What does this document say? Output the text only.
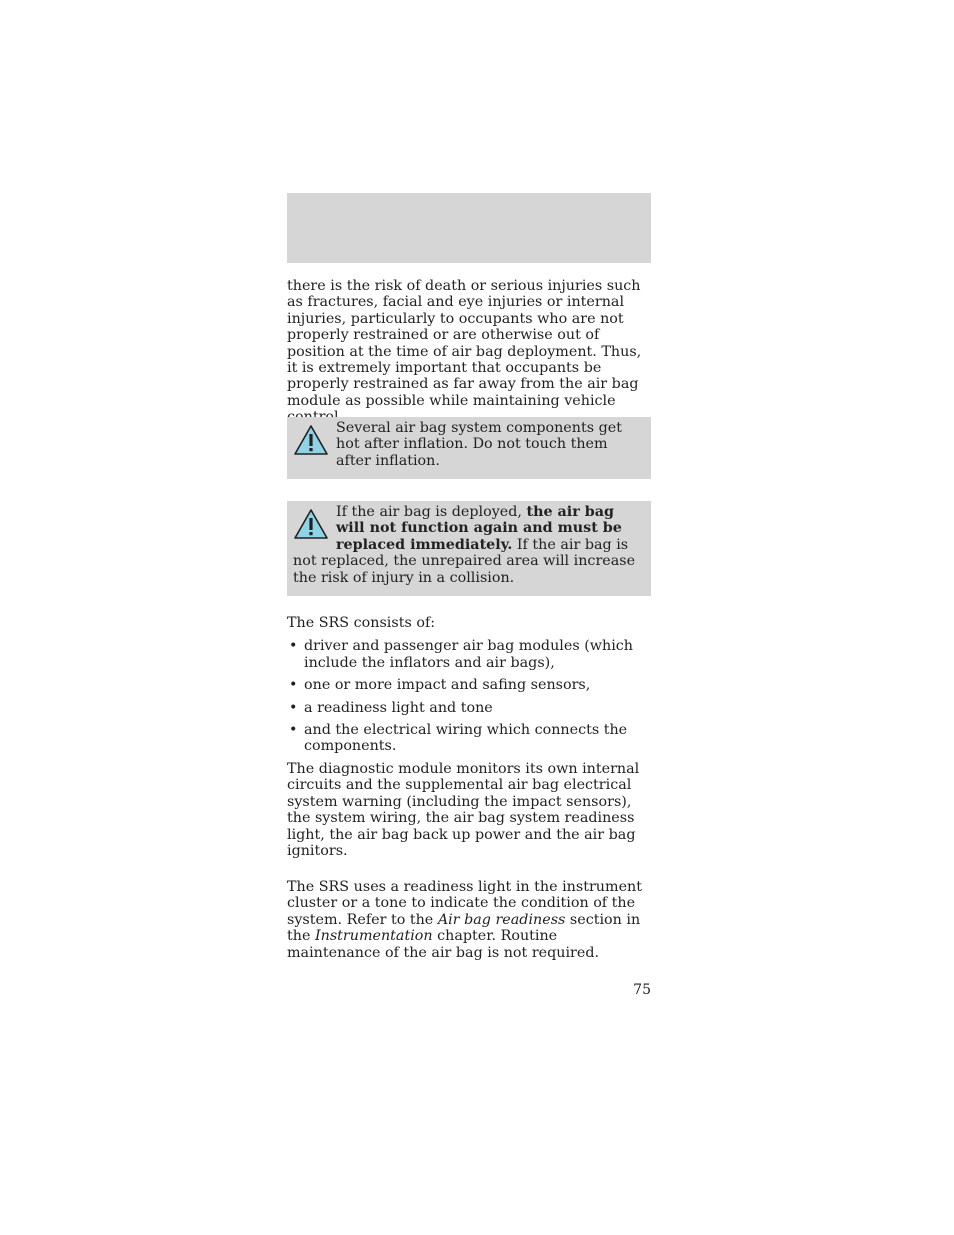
there is the risk of death or serious injuries such as fractures, facial and eye injuries or internal injuries, particularly to occupants who are not properly restrained or are otherwise out of position at the time of air bag deployment. Thus, it is extremely important that occupants be properly restrained as far away from the air bag module as possible while maintaining vehicle

Several air bag system components get hot after inflation. Do not touch them after inflation.
If the air bag is deployed, the air bag will not function again and must be replaced immediately. If the air bag is not replaced, the unrepaired area will increase the risk of injury in a collision.

The SRS consists of:

• driver and passenger air bag modules (which include the inflators and air bags),
• one or more impact and safing sensors,
• a readiness light and tone
• and the electrical wiring which connects the components.

The diagnostic module monitors its own internal circuits and the supplemental air bag electrical system warning (including the impact sensors), the system wiring, the air bag system readiness light, the air bag back up power and the air bag ignitors.

The SRS uses a readiness light in the instrument cluster or a tone to indicate the condition of the system. Refer to the Air bag readiness section in the Instrumentation chapter. Routine maintenance of the air bag is not required.

75
